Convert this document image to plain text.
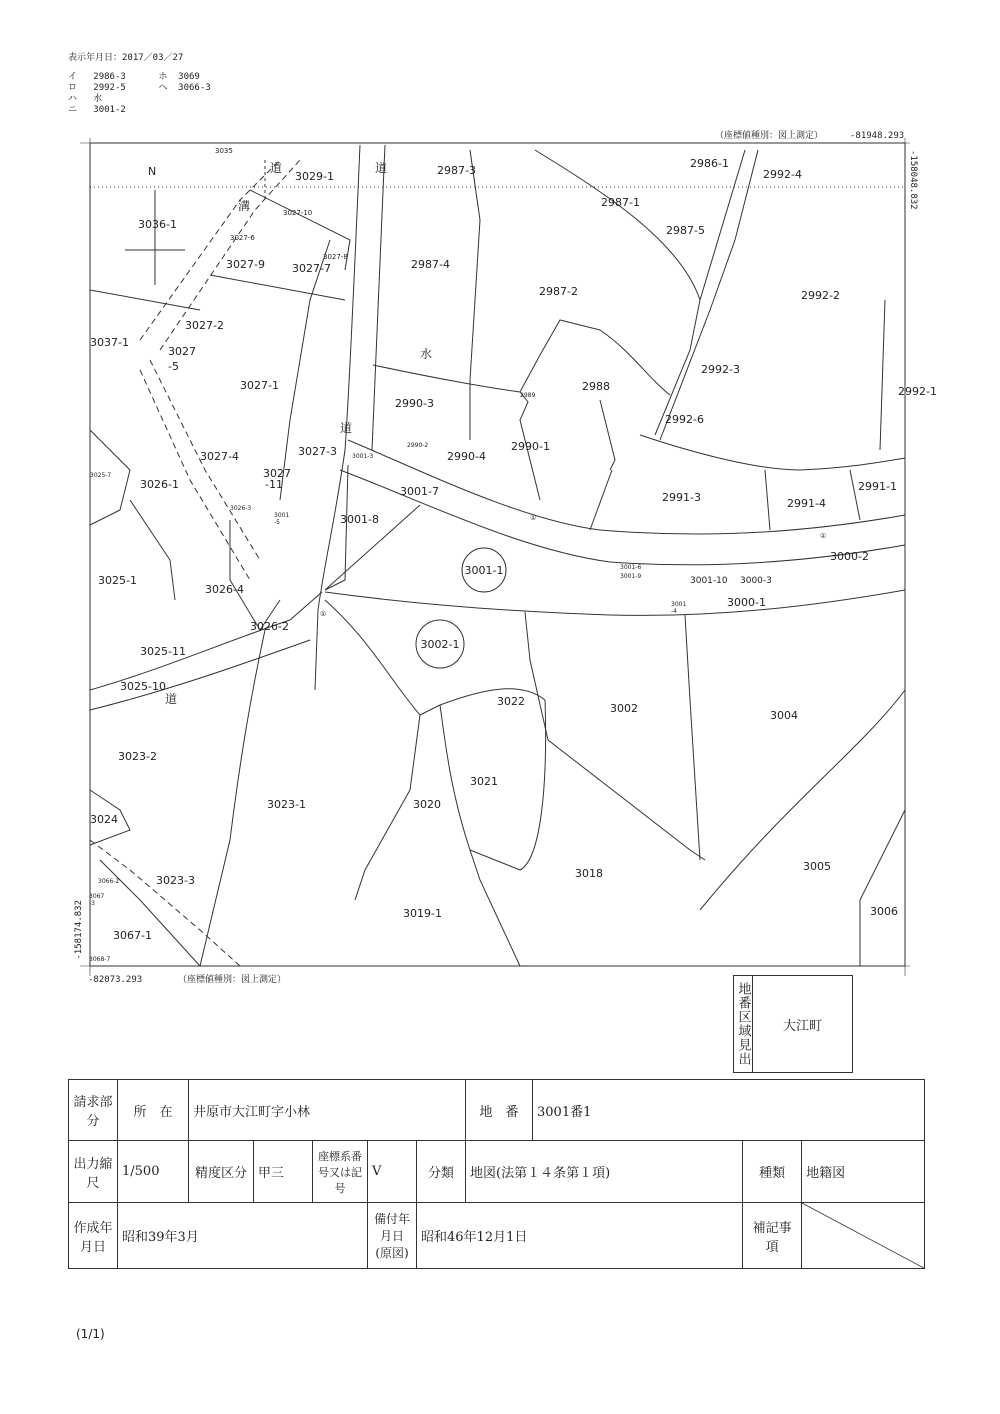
表示年月日：2017／03／27
イ 2986-3	ホ 3069
ロ 2992-5	ヘ 3066-3
ハ 水
ニ 3001-2
3001-1
3002-1
N	道	道
道
道
水
溝
①
①
①
3035
3029-1	2987-3
2986-1
2992-4
3036-1
2987-1
2987-5
3027-9 3027-7
3027-8
2987-4
2987-2	2992-2
3027-2
3037-1
3027
-5
3027-1	2988
2992-3
2990-3
2990-1
2992-6
2992-1
3027-4	3027-3
3027
-11
3026-1
3001-7
2990-4
2991-3	2991-4
2991-1
3001-8
3000-2
3025-1
3026-4
3001-10 3000-3
3000-1
3026-2
3025-11
3025-10
3022
3002
3004
3023-2
3021
3023-1	3020
3024
3018
3005
3023-3
3019-1	3006
3067-1
3027-10
3027-6
2989
2990-2
3001-3
3001-6
3001-9
3001
-4
3025-7
3026-3
3001
-5
3067
-3
3066-2
3068-7
（座標値種別：図上測定）	-81948.293
-158048.832
-158174.832
-82073.293	（座標値種別：図上測定）
地番区域見出 大江町
請求部分	所　在	井原市大江町字小林					地　番	3001番1		
出力縮尺	1/500	精度区分	甲三	座標系番号又は記号	V	分類	地図(法第１４条第１項)		種類	地籍図
作成年月日	昭和39年3月				備付年月日(原図)	昭和46年12月1日			補記事項	
(1/1)
